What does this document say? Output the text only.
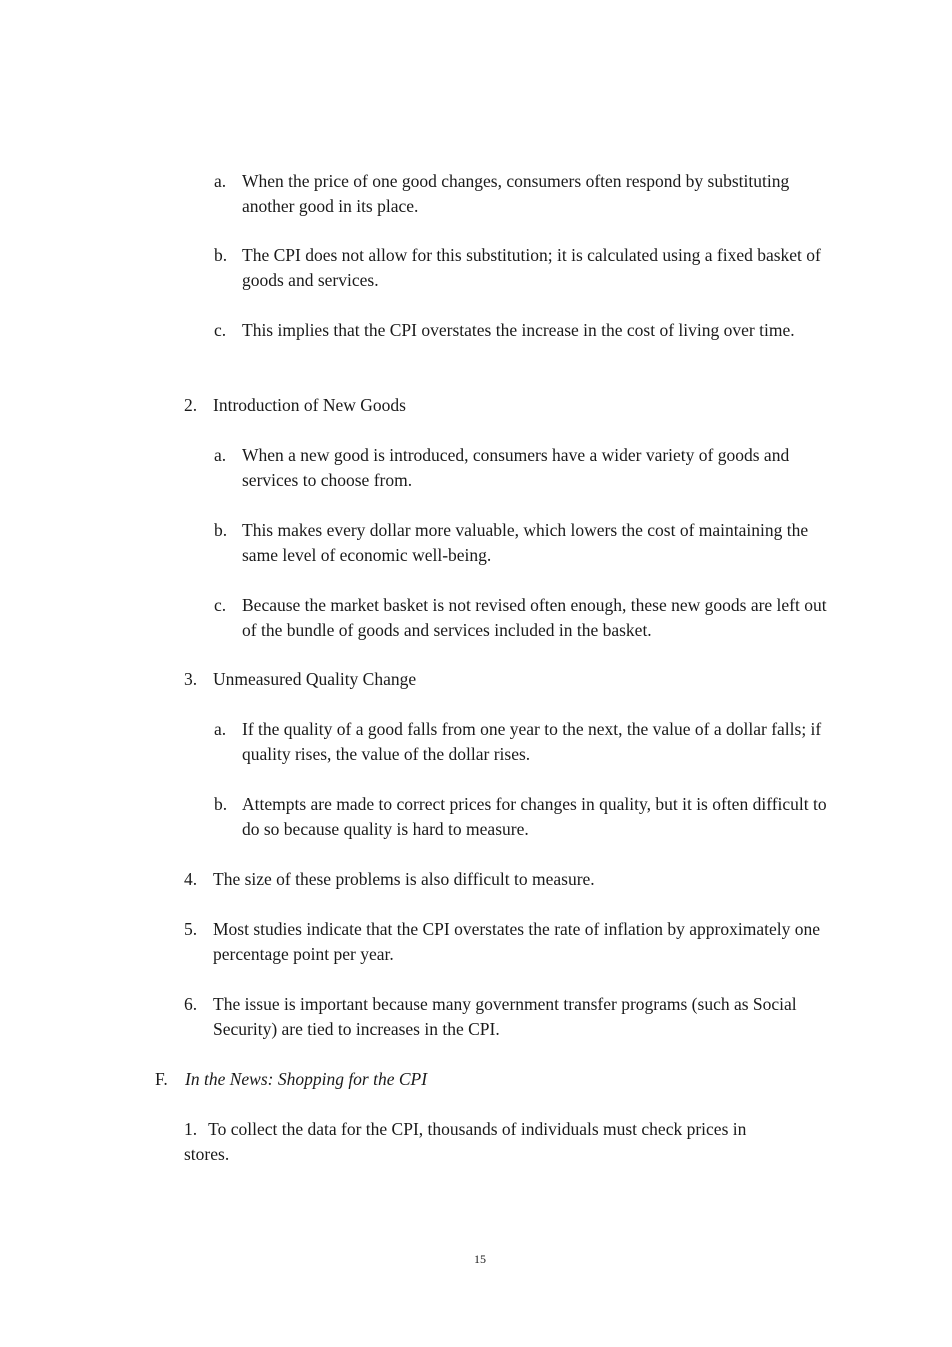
a. When the price of one good changes, consumers often respond by substituting another good in its place.
b. The CPI does not allow for this substitution; it is calculated using a fixed basket of goods and services.
c. This implies that the CPI overstates the increase in the cost of living over time.
2. Introduction of New Goods
a. When a new good is introduced, consumers have a wider variety of goods and services to choose from.
b. This makes every dollar more valuable, which lowers the cost of maintaining the same level of economic well-being.
c. Because the market basket is not revised often enough, these new goods are left out of the bundle of goods and services included in the basket.
3. Unmeasured Quality Change
a. If the quality of a good falls from one year to the next, the value of a dollar falls; if quality rises, the value of the dollar rises.
b. Attempts are made to correct prices for changes in quality, but it is often difficult to do so because quality is hard to measure.
4. The size of these problems is also difficult to measure.
5. Most studies indicate that the CPI overstates the rate of inflation by approximately one percentage point per year.
6. The issue is important because many government transfer programs (such as Social Security) are tied to increases in the CPI.
F. In the News: Shopping for the CPI
1. To collect the data for the CPI, thousands of individuals must check prices in
stores.
15
